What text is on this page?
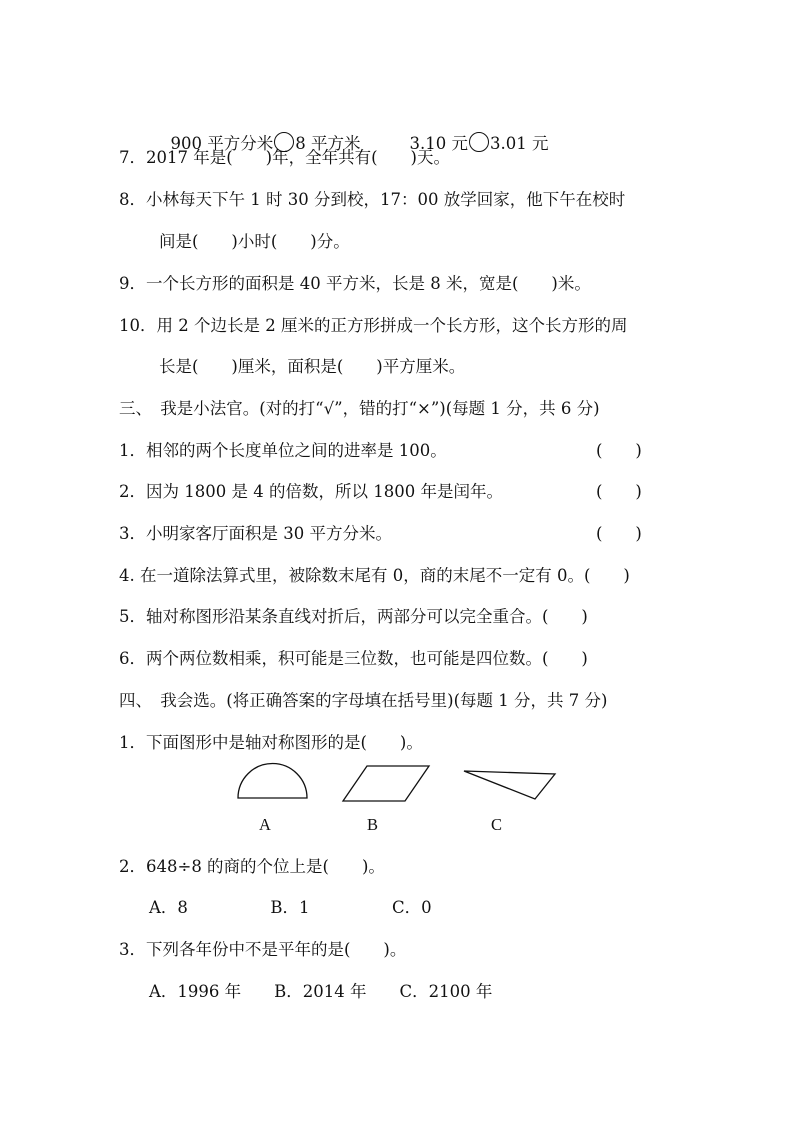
900 平方分米 8 平方米	3.10 元 3.01 元

7．2017 年是(　　)年，全年共有(　　)天。
8．小林每天下午 1 时 30 分到校，17：00 放学回家，他下午在校时
间是(　　)小时(　　)分。
9．一个长方形的面积是 40 平方米，长是 8 米，宽是(　　)米。
10．用 2 个边长是 2 厘米的正方形拼成一个长方形，这个长方形的周
长是(　　)厘米，面积是(　　)平方厘米。
三、　我是小法官。(对的打“√”，错的打“×”)(每题 1 分，共 6 分)
1．相邻的两个长度单位之间的进率是 100。	(　　)
2．因为 1800 是 4 的倍数，所以 1800 年是闰年。	(　　)
3．小明家客厅面积是 30 平方分米。	(　　)
4. 在一道除法算式里，被除数末尾有 0，商的末尾不一定有 0。(　　)
5．轴对称图形沿某条直线对折后，两部分可以完全重合。(　　)
6．两个两位数相乘，积可能是三位数，也可能是四位数。(　　)
四、　我会选。(将正确答案的字母填在括号里)(每题 1 分，共 7 分)
1．下面图形中是轴对称图形的是(　　)。
A	B	C
2．648÷8 的商的个位上是(　　)。
A．8　　　　　B．1　　　　　C．0
3．下列各年份中不是平年的是(　　)。
A．1996 年　　B．2014 年　　C．2100 年
